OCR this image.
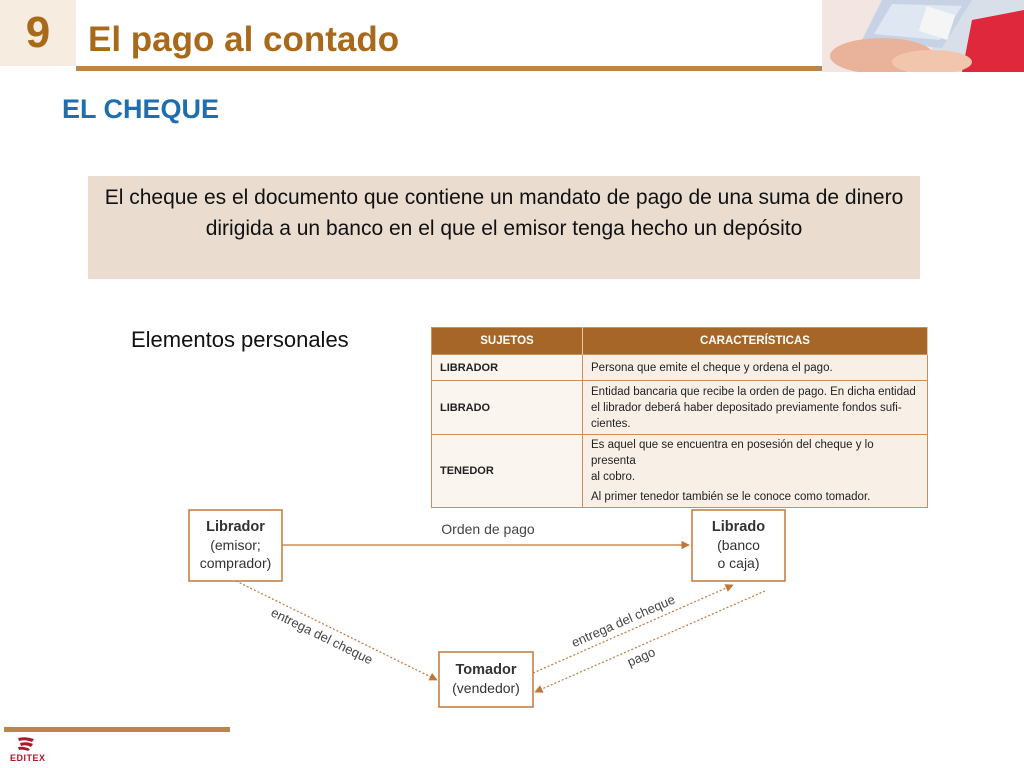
9	El pago al contado
EL CHEQUE
El cheque es el documento que contiene un mandato de pago de una suma de dinero dirigida a un banco en el que el emisor tenga hecho un depósito
Elementos personales	SUJETOS	CARACTERÍSTICAS
LIBRADOR	Persona que emite el cheque y ordena el pago.

LIBRADO	Entidad bancaria que recibe la orden de pago. En dicha entidad
el librador deberá haber depositado previamente fondos sufi-
cientes.

TENEDOR	Es aquel que se encuentra en posesión del cheque y lo presenta
al cobro.
Al primer tenedor también se le conoce como tomador.
Librador
(emisor;
comprador)
Librado
(banco
o caja)
Tomador
(vendedor)
Orden de pago
entrega del cheque	entrega del cheque
pago
EDITEX
